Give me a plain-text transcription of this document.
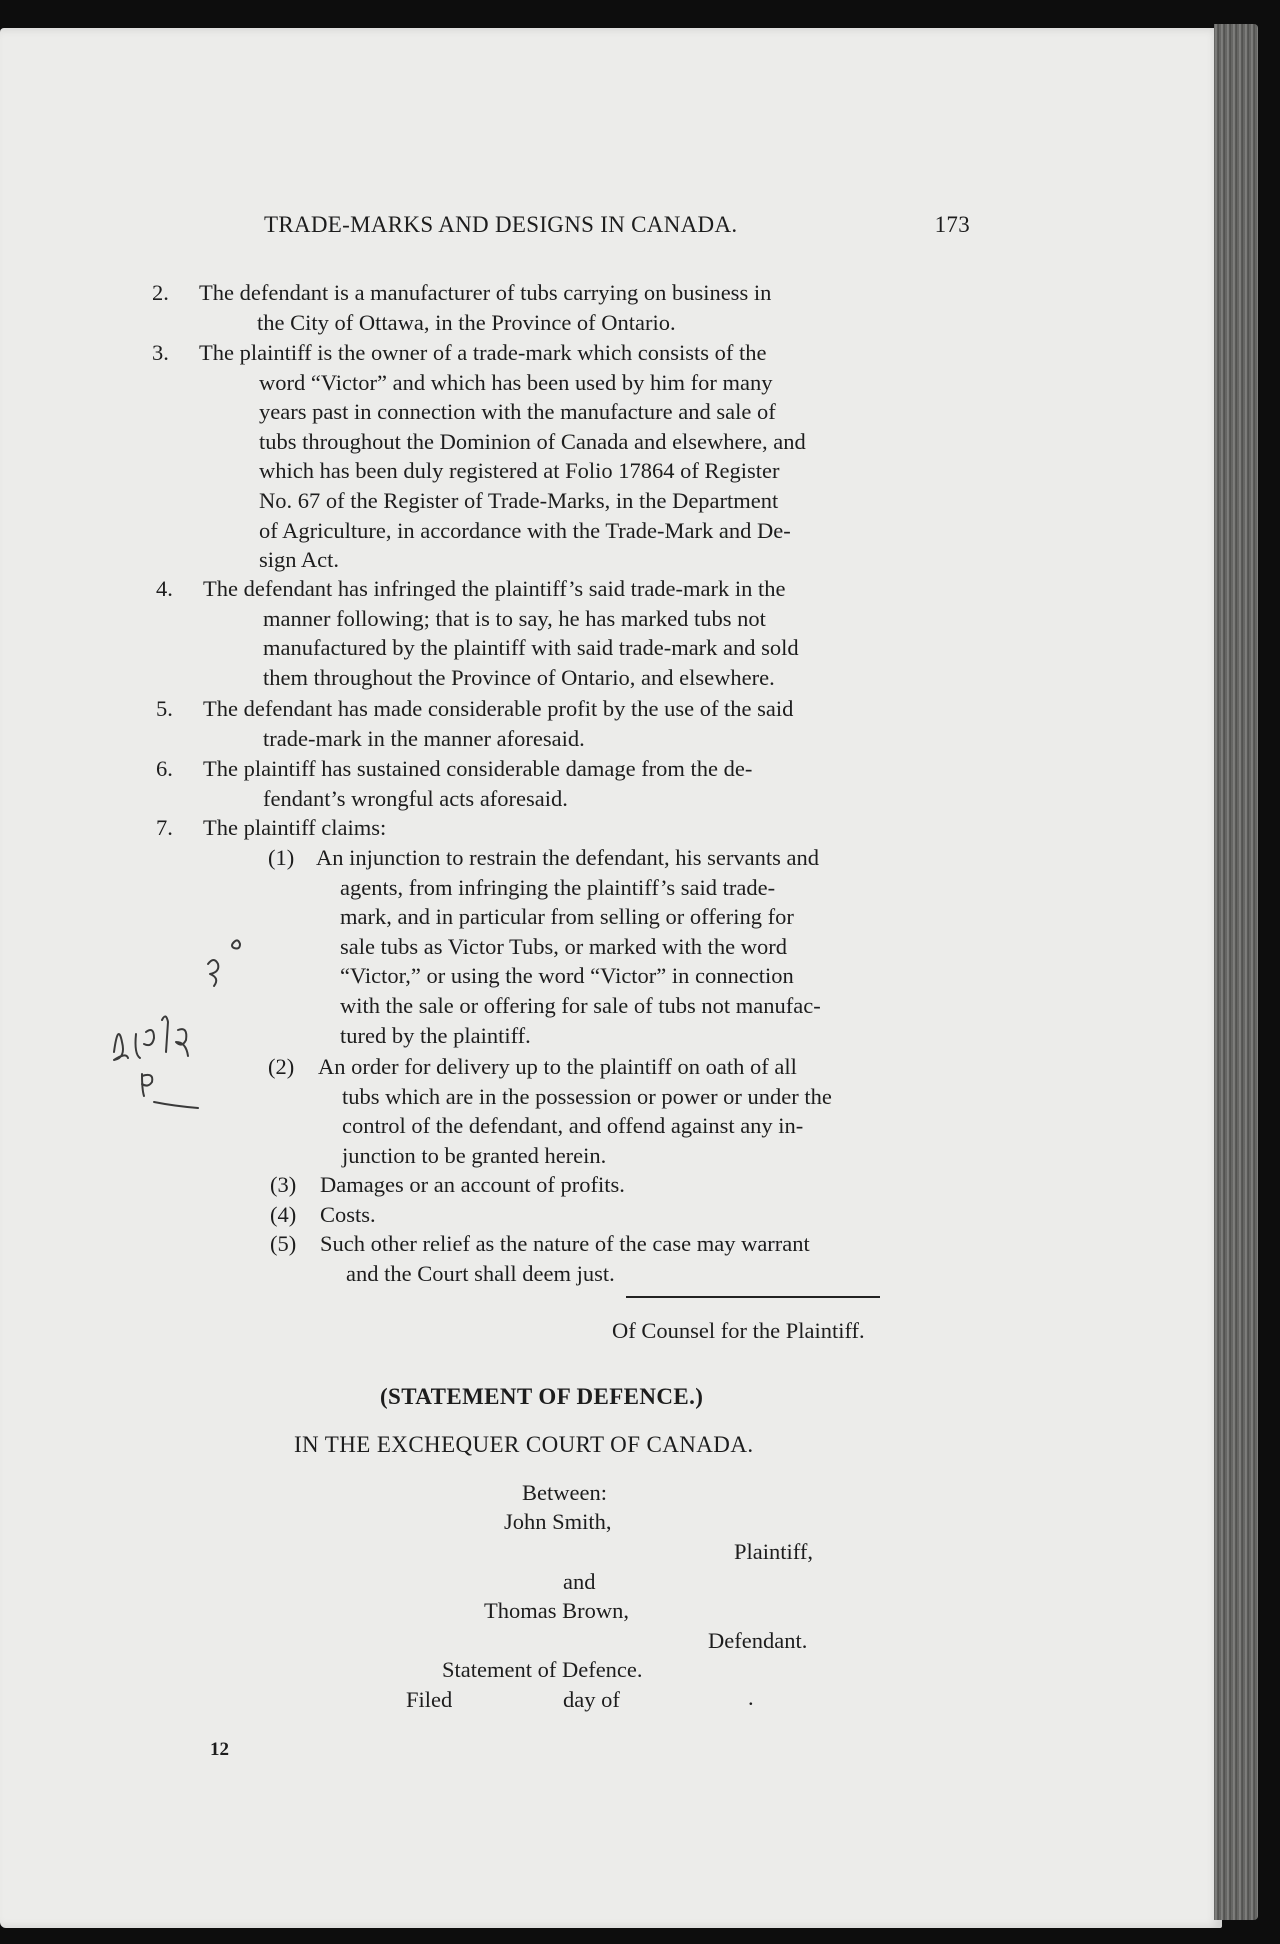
TRADE-MARKS AND DESIGNS IN CANADA.	173
2. The defendant is a manufacturer of tubs carrying on business in
the City of Ottawa, in the Province of Ontario.
3. The plaintiff is the owner of a trade-mark which consists of the
word “Victor” and which has been used by him for many
years past in connection with the manufacture and sale of
tubs throughout the Dominion of Canada and elsewhere, and
which has been duly registered at Folio 17864 of Register
No. 67 of the Register of Trade-Marks, in the Department
of Agriculture, in accordance with the Trade-Mark and De-
sign Act.
4. The defendant has infringed the plaintiff’s said trade-mark in the
manner following; that is to say, he has marked tubs not
manufactured by the plaintiff with said trade-mark and sold
them throughout the Province of Ontario, and elsewhere.
5. The defendant has made considerable profit by the use of the said
trade-mark in the manner aforesaid.
6. The plaintiff has sustained considerable damage from the de-
fendant’s wrongful acts aforesaid.
7. The plaintiff claims:
(1) An injunction to restrain the defendant, his servants and
agents, from infringing the plaintiff’s said trade-
mark, and in particular from selling or offering for
sale tubs as Victor Tubs, or marked with the word
“Victor,” or using the word “Victor” in connection
with the sale or offering for sale of tubs not manufac-
tured by the plaintiff.
(2) An order for delivery up to the plaintiff on oath of all
tubs which are in the possession or power or under the
control of the defendant, and offend against any in-
junction to be granted herein.
(3) Damages or an account of profits.
(4) Costs.
(5) Such other relief as the nature of the case may warrant
and the Court shall deem just.
Of Counsel for the Plaintiff.
(STATEMENT OF DEFENCE.)
IN THE EXCHEQUER COURT OF CANADA.
Between:
John Smith,
Plaintiff,
and
Thomas Brown,
Defendant.
Statement of Defence.
Filed	day of	.
12
